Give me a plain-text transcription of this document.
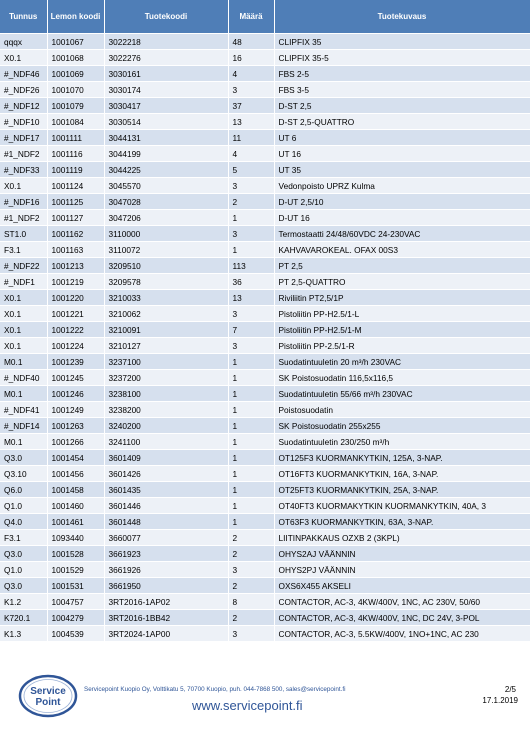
Tunnus	Lemon koodi	Tuotekoodi	Määrä	Tuotekuvaus
qqqx	1001067	3022218	48	CLIPFIX 35
X0.1	1001068	3022276	16	CLIPFIX 35-5
#_NDF46	1001069	3030161	4	FBS 2-5
#_NDF26	1001070	3030174	3	FBS 3-5
#_NDF12	1001079	3030417	37	D-ST 2,5
#_NDF10	1001084	3030514	13	D-ST 2,5-QUATTRO
#_NDF17	1001111	3044131	11	UT 6
#1_NDF2	1001116	3044199	4	UT 16
#_NDF33	1001119	3044225	5	UT 35
X0.1	1001124	3045570	3	Vedonpoisto UPRZ Kulma
#_NDF16	1001125	3047028	2	D-UT 2,5/10
#1_NDF2	1001127	3047206	1	D-UT 16
ST1.0	1001162	3110000	3	Termostaatti 24/48/60VDC 24-230VAC
F3.1	1001163	3110072	1	KAHVAVAROKEAL. OFAX 00S3
#_NDF22	1001213	3209510	113	PT 2,5
#_NDF1	1001219	3209578	36	PT 2,5-QUATTRO
X0.1	1001220	3210033	13	Riviliitin PT2,5/1P
X0.1	1001221	3210062	3	Pistoliitin PP-H2.5/1-L
X0.1	1001222	3210091	7	Pistoliitin PP-H2.5/1-M
X0.1	1001224	3210127	3	Pistoliitin PP-2.5/1-R
M0.1	1001239	3237100	1	Suodatintuuletin 20 m³/h 230VAC
#_NDF40	1001245	3237200	1	SK Poistosuodatin 116,5x116,5
M0.1	1001246	3238100	1	Suodatintuuletin 55/66 m³/h 230VAC
#_NDF41	1001249	3238200	1	Poistosuodatin
#_NDF14	1001263	3240200	1	SK Poistosuodatin 255x255
M0.1	1001266	3241100	1	Suodatintuuletin 230/250 m³/h
Q3.0	1001454	3601409	1	OT125F3 KUORMANKYTKIN, 125A, 3-NAP.
Q3.10	1001456	3601426	1	OT16FT3 KUORMANKYTKIN, 16A, 3-NAP.
Q6.0	1001458	3601435	1	OT25FT3 KUORMANKYTKIN, 25A, 3-NAP.
Q1.0	1001460	3601446	1	OT40FT3 KUORMAKYTKIN KUORMANKYTKIN, 40A, 3
Q4.0	1001461	3601448	1	OT63F3 KUORMANKYTKIN, 63A, 3-NAP.
F3.1	1093440	3660077	2	LIITINPAKKAUS OZXB 2 (3KPL)
Q3.0	1001528	3661923	2	OHYS2AJ VÄÄNNIN
Q1.0	1001529	3661926	3	OHYS2PJ VÄÄNNIN
Q3.0	1001531	3661950	2	OXS6X455 AKSELI
K1.2	1004757	3RT2016-1AP02	8	CONTACTOR, AC-3, 4KW/400V, 1NC, AC 230V, 50/60
K720.1	1004279	3RT2016-1BB42	2	CONTACTOR, AC-3, 4KW/400V, 1NC, DC 24V, 3-POL
K1.3	1004539	3RT2024-1AP00	3	CONTACTOR, AC-3, 5.5KW/400V, 1NO+1NC, AC 230
Service
Point
Servicepoint Kuopio Oy, Volttikatu 5, 70700 Kuopio, puh. 044-7868 500, sales@servicepoint.fi
www.servicepoint.fi
2/5
17.1.2019
